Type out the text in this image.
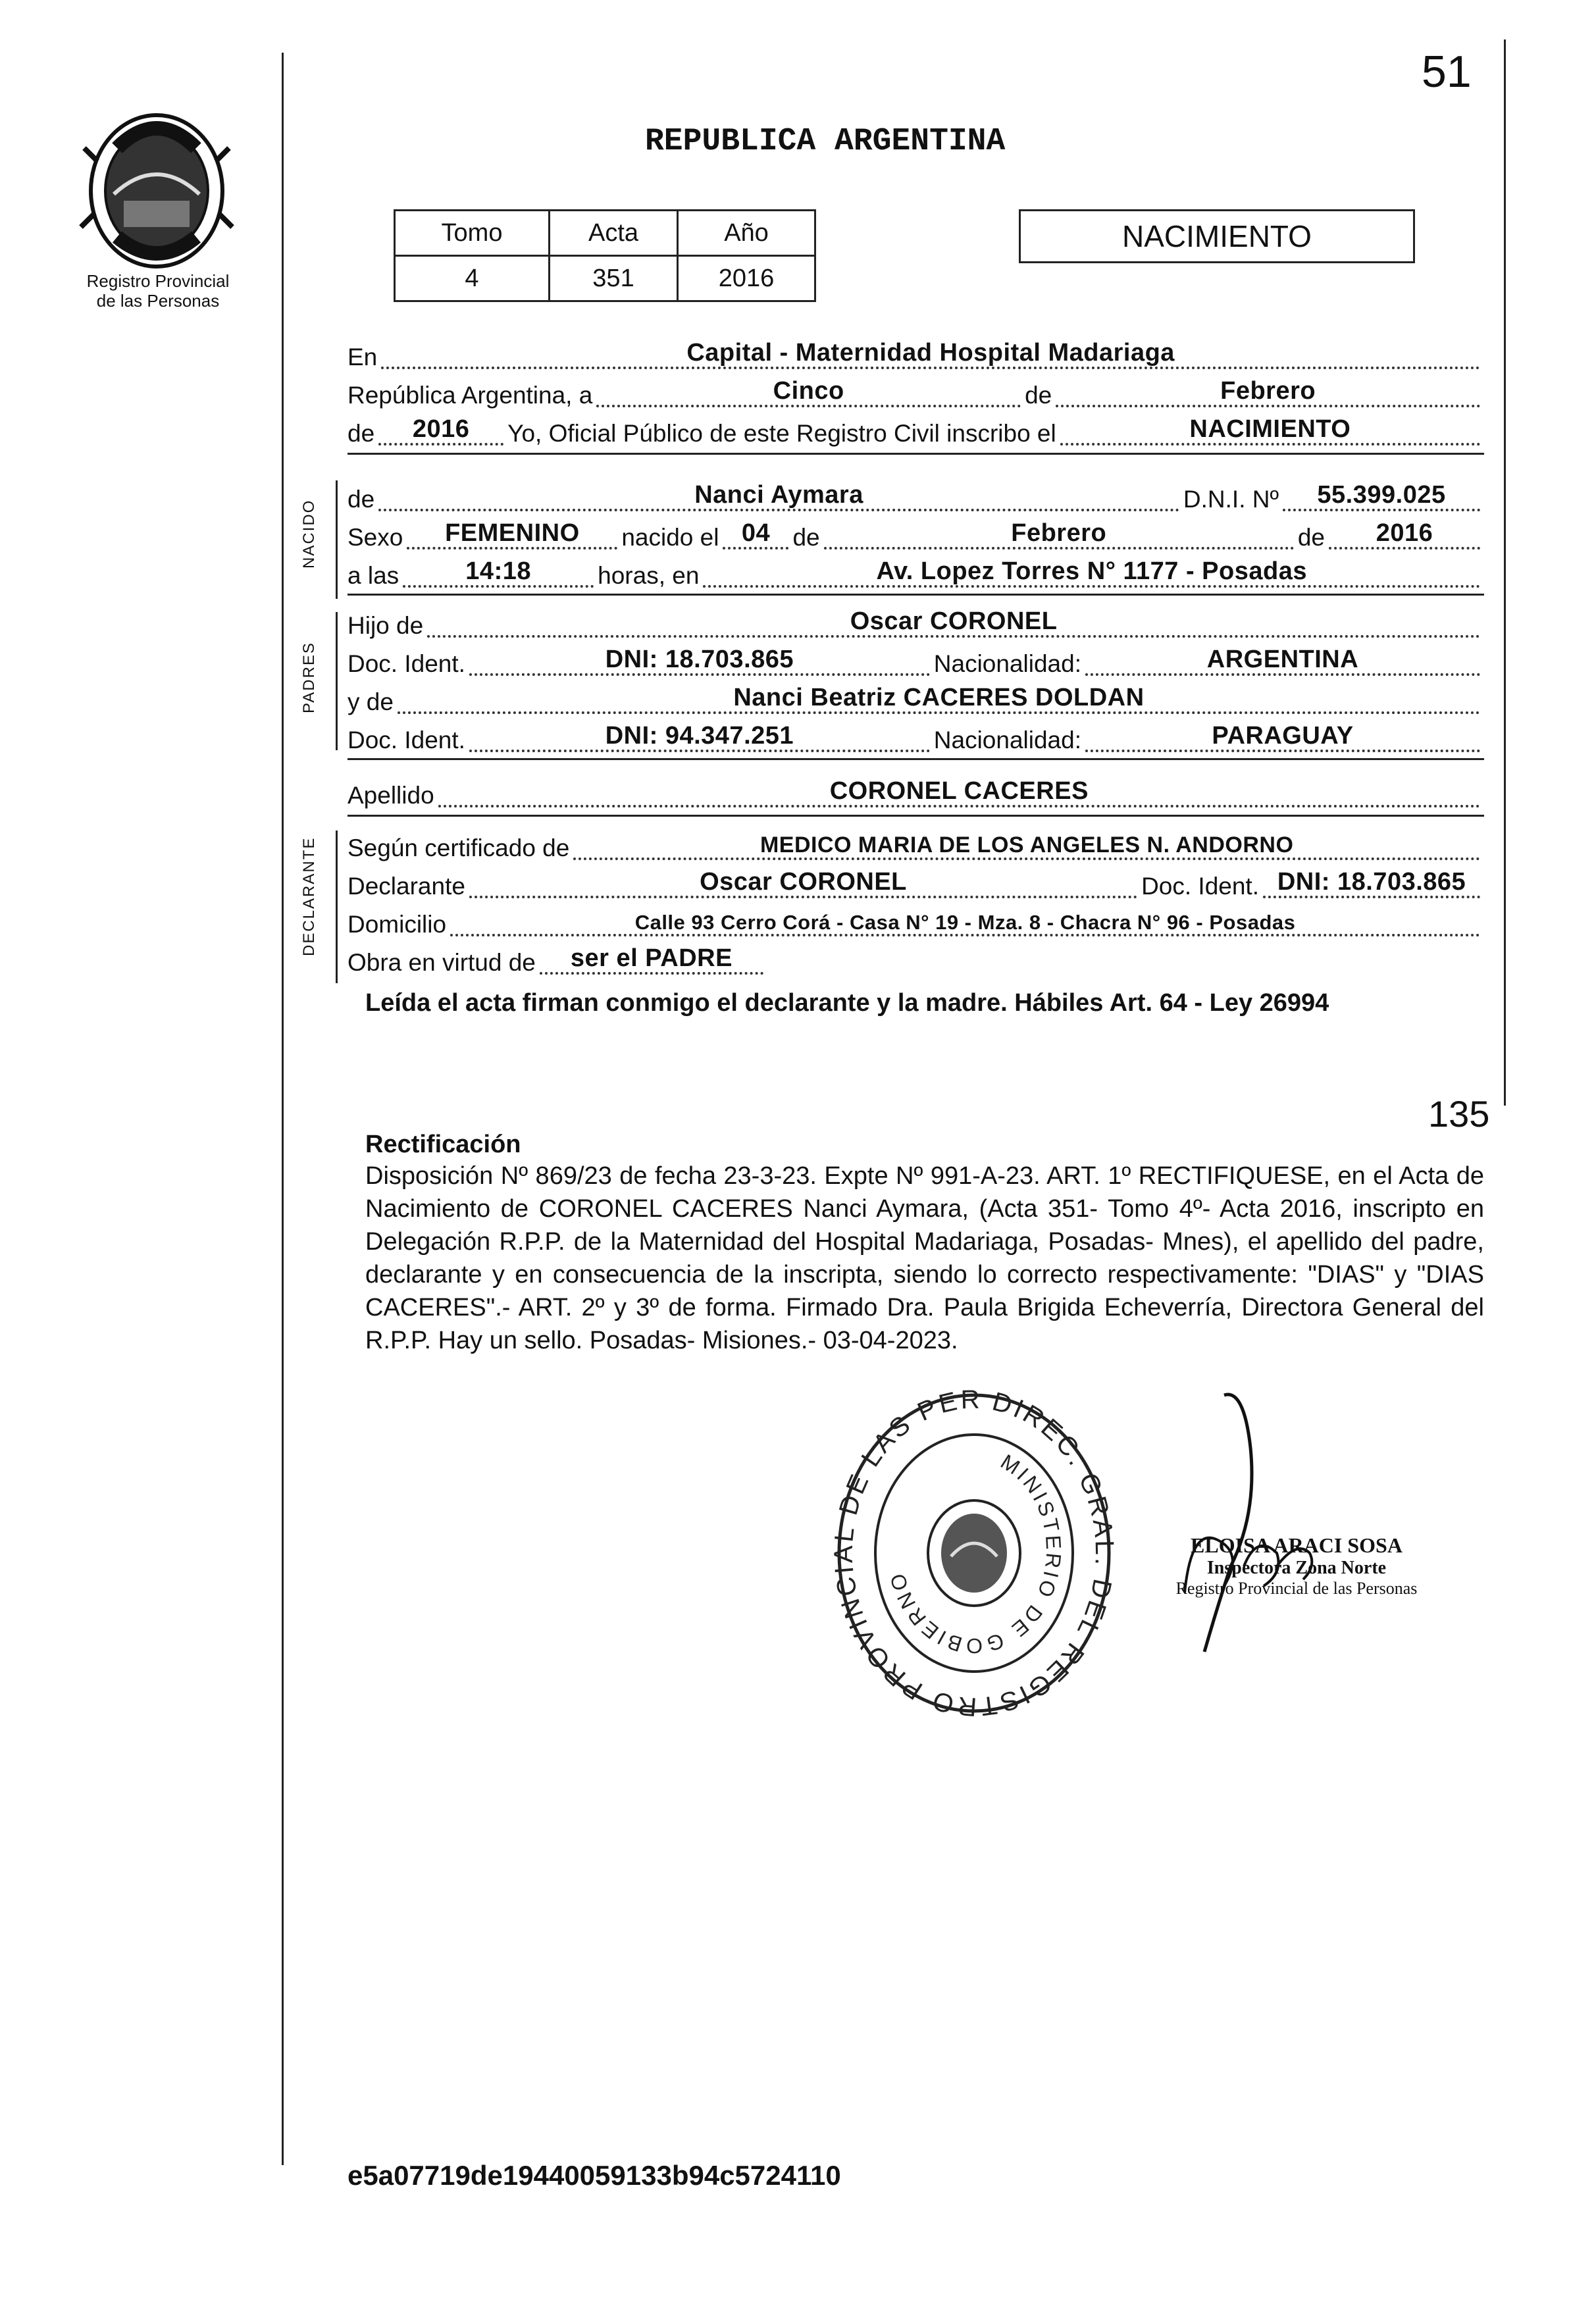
51
Registro Provincial
de las Personas
REPUBLICA ARGENTINA
Tomo	Acta	Año
4	351	2016
NACIMIENTO
En	Capital - Maternidad Hospital Madariaga
República Argentina, a	Cinco	de	Febrero
de	2016	Yo, Oficial Público de este Registro Civil inscribo el	NACIMIENTO
NACIDO
de	Nanci Aymara	D.N.I. Nº	55.399.025
Sexo	FEMENINO	nacido el 04 de	Febrero	de	2016
a las	14:18	horas, en	Av. Lopez Torres N° 1177 - Posadas
PADRES
Hijo de	Oscar CORONEL
Doc. Ident.	DNI: 18.703.865	Nacionalidad:	ARGENTINA
y de	Nanci Beatriz CACERES DOLDAN
Doc. Ident.	DNI: 94.347.251	Nacionalidad:	PARAGUAY
Apellido	CORONEL CACERES
DECLARANTE Según certificado de	MEDICO MARIA DE LOS ANGELES N. ANDORNO
Declarante	Oscar CORONEL	Doc. Ident. DNI: 18.703.865
Domicilio	Calle 93 Cerro Corá - Casa N° 19 - Mza. 8 - Chacra N° 96 - Posadas
Obra en virtud de	ser el PADRE
Leída el acta firman conmigo el declarante y la madre. Hábiles Art. 64 - Ley 26994
135
Rectificación
Disposición Nº 869/23 de fecha 23-3-23. Expte Nº 991-A-23. ART. 1º RECTIFIQUESE, en el Acta de Nacimiento de CORONEL CACERES Nanci Aymara, (Acta 351- Tomo 4º- Acta 2016, inscripto en Delegación R.P.P. de la Maternidad del Hospital Madariaga, Posadas- Mnes), el apellido del padre, declarante y en consecuencia de la inscripta, siendo lo correcto respectivamente: "DIAS" y "DIAS CACERES".- ART. 2º y 3º de forma. Firmado Dra. Paula Brigida Echeverría, Directora General del R.P.P. Hay un sello. Posadas- Misiones.- 03-04-2023.
DIREC. GRAL. DEL REGISTRO PROVINCIAL DE LAS PER
MINISTERIO DE GOBIERNO
ELOISA ARACI SOSA
Inspectora Zona Norte
Registro Provincial de las Personas
e5a07719de19440059133b94c5724110
